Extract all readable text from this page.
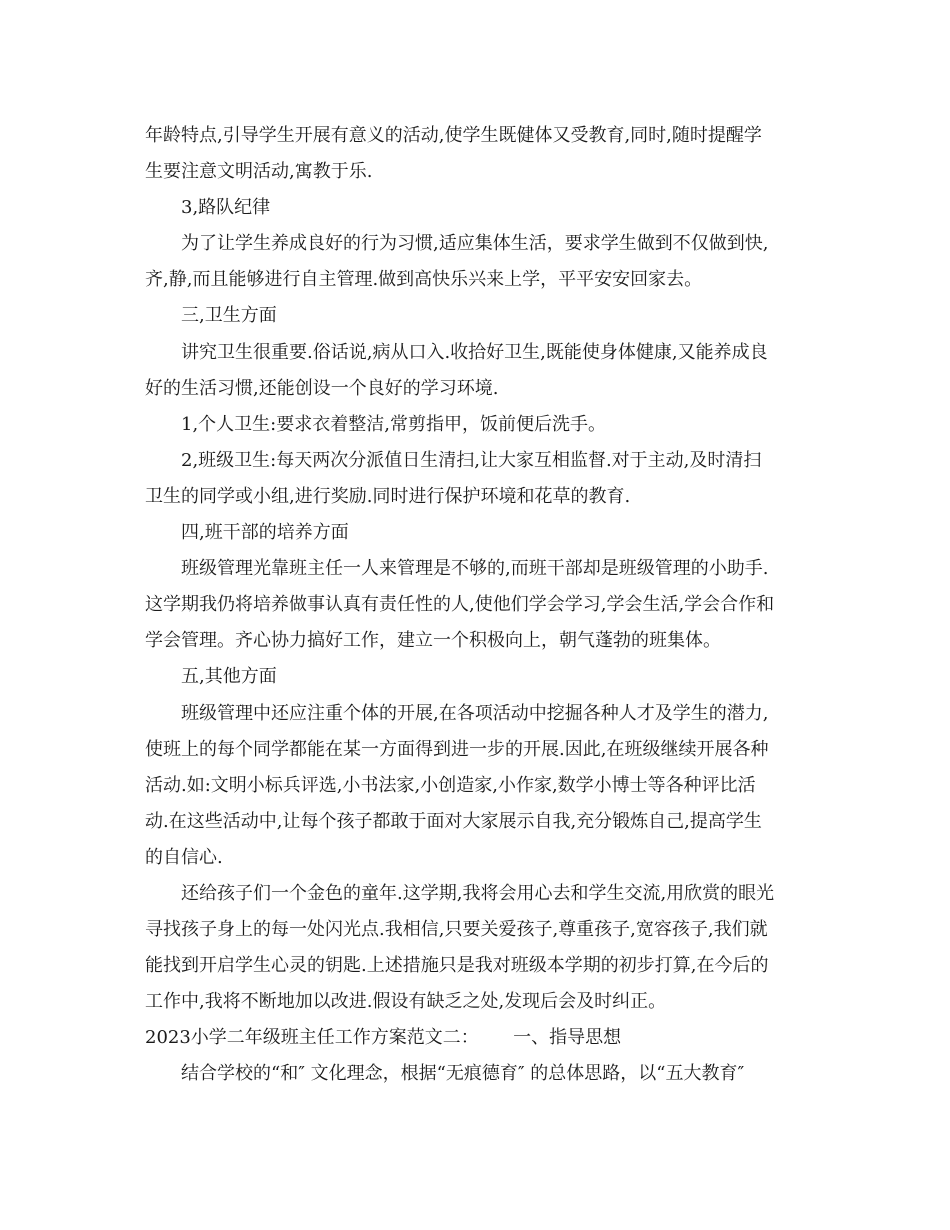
年龄特点,引导学生开展有意义的活动,使学生既健体又受教育,同时,随时提醒学
生要注意文明活动,寓教于乐.
3,路队纪律
为了让学生养成良好的行为习惯,适应集体生活，要求学生做到不仅做到快,
齐,静,而且能够进行自主管理.做到高快乐兴来上学，平平安安回家去。
三,卫生方面
讲究卫生很重要.俗话说,病从口入.收拾好卫生,既能使身体健康,又能养成良
好的生活习惯,还能创设一个良好的学习环境.
1,个人卫生:要求衣着整洁,常剪指甲，饭前便后洗手。
2,班级卫生:每天两次分派值日生清扫,让大家互相监督.对于主动,及时清扫
卫生的同学或小组,进行奖励.同时进行保护环境和花草的教育.
四,班干部的培养方面
班级管理光靠班主任一人来管理是不够的,而班干部却是班级管理的小助手.
这学期我仍将培养做事认真有责任性的人,使他们学会学习,学会生活,学会合作和
学会管理。齐心协力搞好工作，建立一个积极向上，朝气蓬勃的班集体。
五,其他方面
班级管理中还应注重个体的开展,在各项活动中挖掘各种人才及学生的潜力,
使班上的每个同学都能在某一方面得到进一步的开展.因此,在班级继续开展各种
活动.如:文明小标兵评选,小书法家,小创造家,小作家,数学小博士等各种评比活
动.在这些活动中,让每个孩子都敢于面对大家展示自我,充分锻炼自己,提高学生
的自信心.
还给孩子们一个金色的童年.这学期,我将会用心去和学生交流,用欣赏的眼光
寻找孩子身上的每一处闪光点.我相信,只要关爱孩子,尊重孩子,宽容孩子,我们就
能找到开启学生心灵的钥匙.上述措施只是我对班级本学期的初步打算,在今后的
工作中,我将不断地加以改进.假设有缺乏之处,发现后会及时纠正。
2023小学二年级班主任工作方案范文二：      一、指导思想
结合学校的“和″ 文化理念，根据“无痕德育″ 的总体思路，以“五大教育″
